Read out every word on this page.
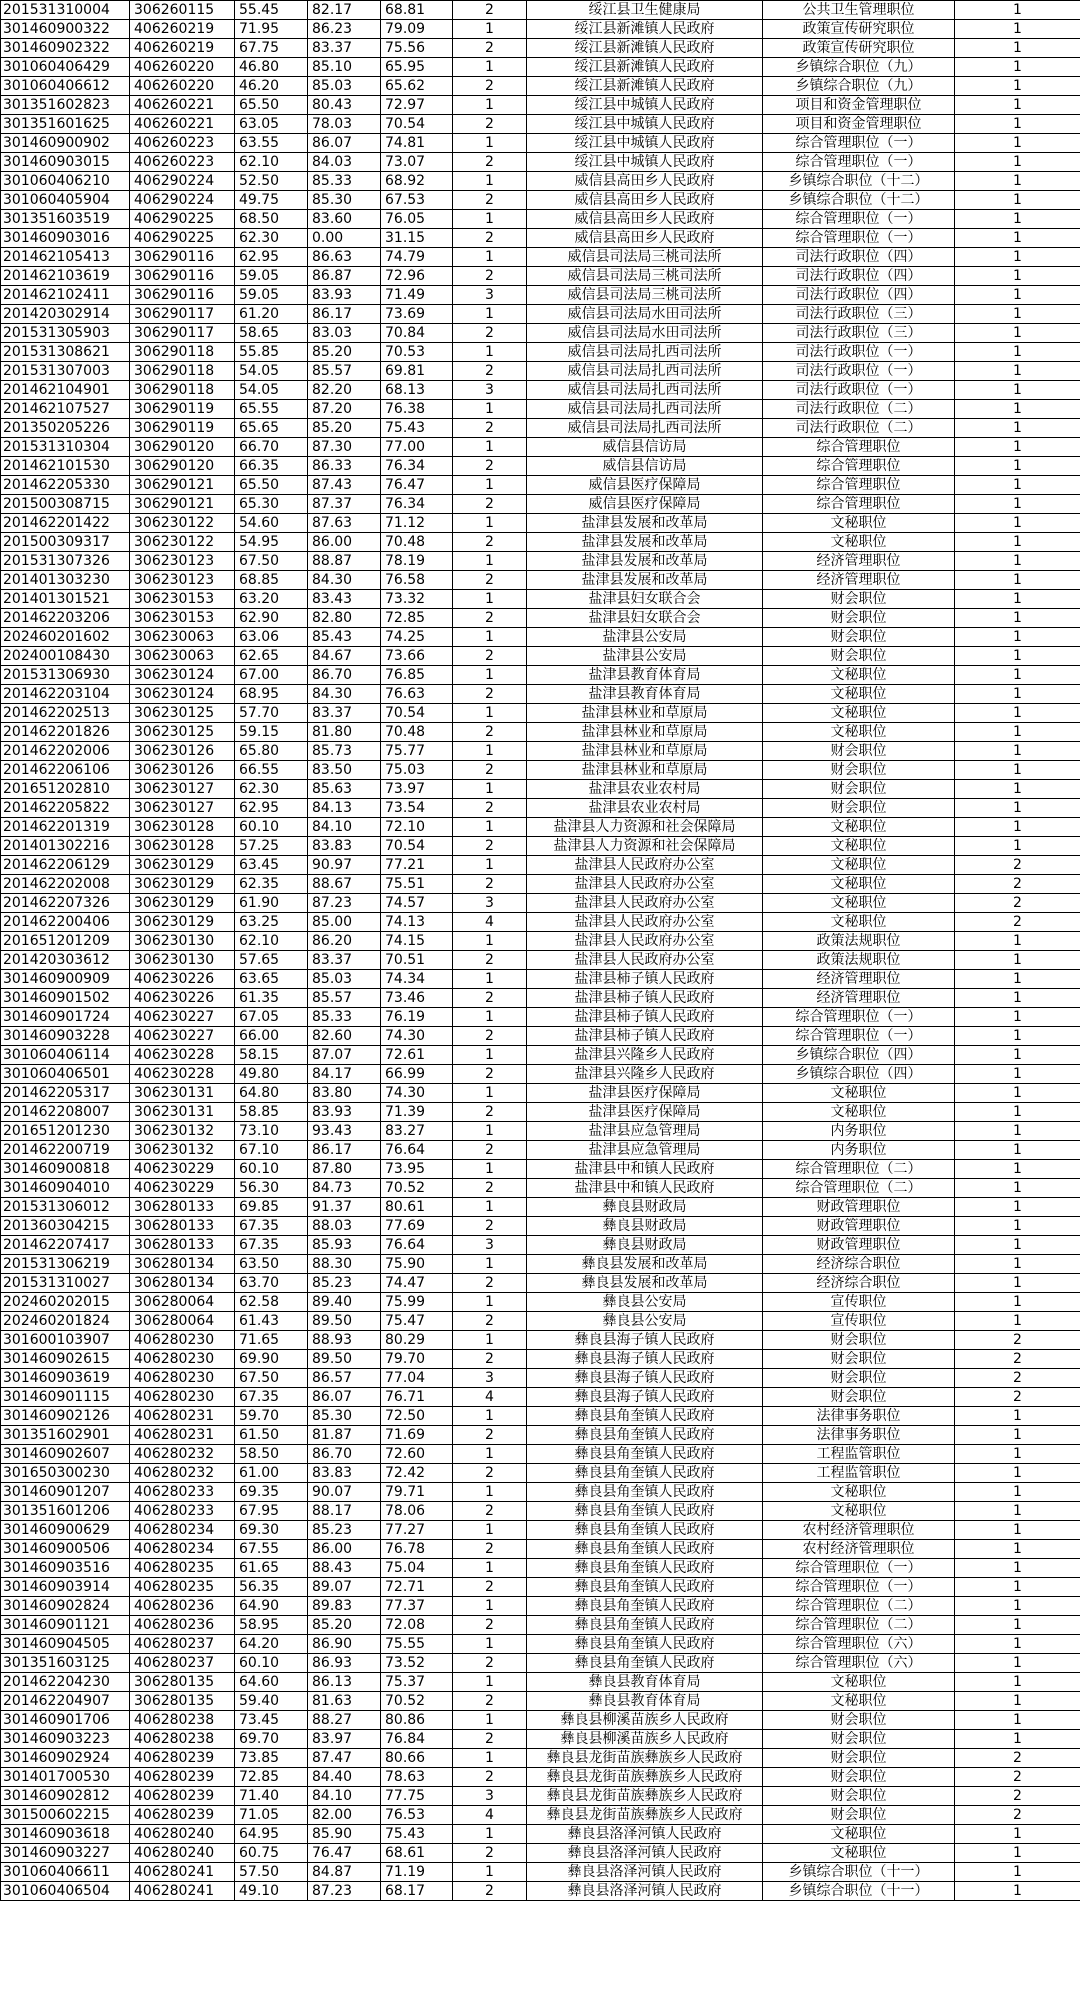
201531310004	306260115	55.45	82.17	68.81	2	绥江县卫生健康局	公共卫生管理职位	1
301460900322	406260219	71.95	86.23	79.09	1	绥江县新滩镇人民政府	政策宣传研究职位	1
301460902322	406260219	67.75	83.37	75.56	2	绥江县新滩镇人民政府	政策宣传研究职位	1
301060406429	406260220	46.80	85.10	65.95	1	绥江县新滩镇人民政府	乡镇综合职位（九）	1
301060406612	406260220	46.20	85.03	65.62	2	绥江县新滩镇人民政府	乡镇综合职位（九）	1
301351602823	406260221	65.50	80.43	72.97	1	绥江县中城镇人民政府	项目和资金管理职位	1
301351601625	406260221	63.05	78.03	70.54	2	绥江县中城镇人民政府	项目和资金管理职位	1
301460900902	406260223	63.55	86.07	74.81	1	绥江县中城镇人民政府	综合管理职位（一）	1
301460903015	406260223	62.10	84.03	73.07	2	绥江县中城镇人民政府	综合管理职位（一）	1
301060406210	406290224	52.50	85.33	68.92	1	威信县高田乡人民政府	乡镇综合职位（十二）	1
301060405904	406290224	49.75	85.30	67.53	2	威信县高田乡人民政府	乡镇综合职位（十二）	1
301351603519	406290225	68.50	83.60	76.05	1	威信县高田乡人民政府	综合管理职位（一）	1
301460903016	406290225	62.30	0.00	31.15	2	威信县高田乡人民政府	综合管理职位（一）	1
201462105413	306290116	62.95	86.63	74.79	1	威信县司法局三桃司法所	司法行政职位（四）	1
201462103619	306290116	59.05	86.87	72.96	2	威信县司法局三桃司法所	司法行政职位（四）	1
201462102411	306290116	59.05	83.93	71.49	3	威信县司法局三桃司法所	司法行政职位（四）	1
201420302914	306290117	61.20	86.17	73.69	1	威信县司法局水田司法所	司法行政职位（三）	1
201531305903	306290117	58.65	83.03	70.84	2	威信县司法局水田司法所	司法行政职位（三）	1
201531308621	306290118	55.85	85.20	70.53	1	威信县司法局扎西司法所	司法行政职位（一）	1
201531307003	306290118	54.05	85.57	69.81	2	威信县司法局扎西司法所	司法行政职位（一）	1
201462104901	306290118	54.05	82.20	68.13	3	威信县司法局扎西司法所	司法行政职位（一）	1
201462107527	306290119	65.55	87.20	76.38	1	威信县司法局扎西司法所	司法行政职位（二）	1
201350205226	306290119	65.65	85.20	75.43	2	威信县司法局扎西司法所	司法行政职位（二）	1
201531310304	306290120	66.70	87.30	77.00	1	威信县信访局	综合管理职位	1
201462101530	306290120	66.35	86.33	76.34	2	威信县信访局	综合管理职位	1
201462205330	306290121	65.50	87.43	76.47	1	威信县医疗保障局	综合管理职位	1
201500308715	306290121	65.30	87.37	76.34	2	威信县医疗保障局	综合管理职位	1
201462201422	306230122	54.60	87.63	71.12	1	盐津县发展和改革局	文秘职位	1
201500309317	306230122	54.95	86.00	70.48	2	盐津县发展和改革局	文秘职位	1
201531307326	306230123	67.50	88.87	78.19	1	盐津县发展和改革局	经济管理职位	1
201401303230	306230123	68.85	84.30	76.58	2	盐津县发展和改革局	经济管理职位	1
201401301521	306230153	63.20	83.43	73.32	1	盐津县妇女联合会	财会职位	1
201462203206	306230153	62.90	82.80	72.85	2	盐津县妇女联合会	财会职位	1
202460201602	306230063	63.06	85.43	74.25	1	盐津县公安局	财会职位	1
202400108430	306230063	62.65	84.67	73.66	2	盐津县公安局	财会职位	1
201531306930	306230124	67.00	86.70	76.85	1	盐津县教育体育局	文秘职位	1
201462203104	306230124	68.95	84.30	76.63	2	盐津县教育体育局	文秘职位	1
201462202513	306230125	57.70	83.37	70.54	1	盐津县林业和草原局	文秘职位	1
201462201826	306230125	59.15	81.80	70.48	2	盐津县林业和草原局	文秘职位	1
201462202006	306230126	65.80	85.73	75.77	1	盐津县林业和草原局	财会职位	1
201462206106	306230126	66.55	83.50	75.03	2	盐津县林业和草原局	财会职位	1
201651202810	306230127	62.30	85.63	73.97	1	盐津县农业农村局	财会职位	1
201462205822	306230127	62.95	84.13	73.54	2	盐津县农业农村局	财会职位	1
201462201319	306230128	60.10	84.10	72.10	1	盐津县人力资源和社会保障局	文秘职位	1
201401302216	306230128	57.25	83.83	70.54	2	盐津县人力资源和社会保障局	文秘职位	1
201462206129	306230129	63.45	90.97	77.21	1	盐津县人民政府办公室	文秘职位	2
201462202008	306230129	62.35	88.67	75.51	2	盐津县人民政府办公室	文秘职位	2
201462207326	306230129	61.90	87.23	74.57	3	盐津县人民政府办公室	文秘职位	2
201462200406	306230129	63.25	85.00	74.13	4	盐津县人民政府办公室	文秘职位	2
201651201209	306230130	62.10	86.20	74.15	1	盐津县人民政府办公室	政策法规职位	1
201420303612	306230130	57.65	83.37	70.51	2	盐津县人民政府办公室	政策法规职位	1
301460900909	406230226	63.65	85.03	74.34	1	盐津县柿子镇人民政府	经济管理职位	1
301460901502	406230226	61.35	85.57	73.46	2	盐津县柿子镇人民政府	经济管理职位	1
301460901724	406230227	67.05	85.33	76.19	1	盐津县柿子镇人民政府	综合管理职位（一）	1
301460903228	406230227	66.00	82.60	74.30	2	盐津县柿子镇人民政府	综合管理职位（一）	1
301060406114	406230228	58.15	87.07	72.61	1	盐津县兴隆乡人民政府	乡镇综合职位（四）	1
301060406501	406230228	49.80	84.17	66.99	2	盐津县兴隆乡人民政府	乡镇综合职位（四）	1
201462205317	306230131	64.80	83.80	74.30	1	盐津县医疗保障局	文秘职位	1
201462208007	306230131	58.85	83.93	71.39	2	盐津县医疗保障局	文秘职位	1
201651201230	306230132	73.10	93.43	83.27	1	盐津县应急管理局	内务职位	1
201462200719	306230132	67.10	86.17	76.64	2	盐津县应急管理局	内务职位	1
301460900818	406230229	60.10	87.80	73.95	1	盐津县中和镇人民政府	综合管理职位（二）	1
301460904010	406230229	56.30	84.73	70.52	2	盐津县中和镇人民政府	综合管理职位（二）	1
201531306012	306280133	69.85	91.37	80.61	1	彝良县财政局	财政管理职位	1
201360304215	306280133	67.35	88.03	77.69	2	彝良县财政局	财政管理职位	1
201462207417	306280133	67.35	85.93	76.64	3	彝良县财政局	财政管理职位	1
201531306219	306280134	63.50	88.30	75.90	1	彝良县发展和改革局	经济综合职位	1
201531310027	306280134	63.70	85.23	74.47	2	彝良县发展和改革局	经济综合职位	1
202460202015	306280064	62.58	89.40	75.99	1	彝良县公安局	宣传职位	1
202460201824	306280064	61.43	89.50	75.47	2	彝良县公安局	宣传职位	1
301600103907	406280230	71.65	88.93	80.29	1	彝良县海子镇人民政府	财会职位	2
301460902615	406280230	69.90	89.50	79.70	2	彝良县海子镇人民政府	财会职位	2
301460903619	406280230	67.50	86.57	77.04	3	彝良县海子镇人民政府	财会职位	2
301460901115	406280230	67.35	86.07	76.71	4	彝良县海子镇人民政府	财会职位	2
301460902126	406280231	59.70	85.30	72.50	1	彝良县角奎镇人民政府	法律事务职位	1
301351602901	406280231	61.50	81.87	71.69	2	彝良县角奎镇人民政府	法律事务职位	1
301460902607	406280232	58.50	86.70	72.60	1	彝良县角奎镇人民政府	工程监管职位	1
301650300230	406280232	61.00	83.83	72.42	2	彝良县角奎镇人民政府	工程监管职位	1
301460901207	406280233	69.35	90.07	79.71	1	彝良县角奎镇人民政府	文秘职位	1
301351601206	406280233	67.95	88.17	78.06	2	彝良县角奎镇人民政府	文秘职位	1
301460900629	406280234	69.30	85.23	77.27	1	彝良县角奎镇人民政府	农村经济管理职位	1
301460900506	406280234	67.55	86.00	76.78	2	彝良县角奎镇人民政府	农村经济管理职位	1
301460903516	406280235	61.65	88.43	75.04	1	彝良县角奎镇人民政府	综合管理职位（一）	1
301460903914	406280235	56.35	89.07	72.71	2	彝良县角奎镇人民政府	综合管理职位（一）	1
301460902824	406280236	64.90	89.83	77.37	1	彝良县角奎镇人民政府	综合管理职位（二）	1
301460901121	406280236	58.95	85.20	72.08	2	彝良县角奎镇人民政府	综合管理职位（二）	1
301460904505	406280237	64.20	86.90	75.55	1	彝良县角奎镇人民政府	综合管理职位（六）	1
301351603125	406280237	60.10	86.93	73.52	2	彝良县角奎镇人民政府	综合管理职位（六）	1
201462204230	306280135	64.60	86.13	75.37	1	彝良县教育体育局	文秘职位	1
201462204907	306280135	59.40	81.63	70.52	2	彝良县教育体育局	文秘职位	1
301460901706	406280238	73.45	88.27	80.86	1	彝良县柳溪苗族乡人民政府	财会职位	1
301460903223	406280238	69.70	83.97	76.84	2	彝良县柳溪苗族乡人民政府	财会职位	1
301460902924	406280239	73.85	87.47	80.66	1	彝良县龙街苗族彝族乡人民政府	财会职位	2
301401700530	406280239	72.85	84.40	78.63	2	彝良县龙街苗族彝族乡人民政府	财会职位	2
301460902812	406280239	71.40	84.10	77.75	3	彝良县龙街苗族彝族乡人民政府	财会职位	2
301500602215	406280239	71.05	82.00	76.53	4	彝良县龙街苗族彝族乡人民政府	财会职位	2
301460903618	406280240	64.95	85.90	75.43	1	彝良县洛泽河镇人民政府	文秘职位	1
301460903227	406280240	60.75	76.47	68.61	2	彝良县洛泽河镇人民政府	文秘职位	1
301060406611	406280241	57.50	84.87	71.19	1	彝良县洛泽河镇人民政府	乡镇综合职位（十一）	1
301060406504	406280241	49.10	87.23	68.17	2	彝良县洛泽河镇人民政府	乡镇综合职位（十一）	1
